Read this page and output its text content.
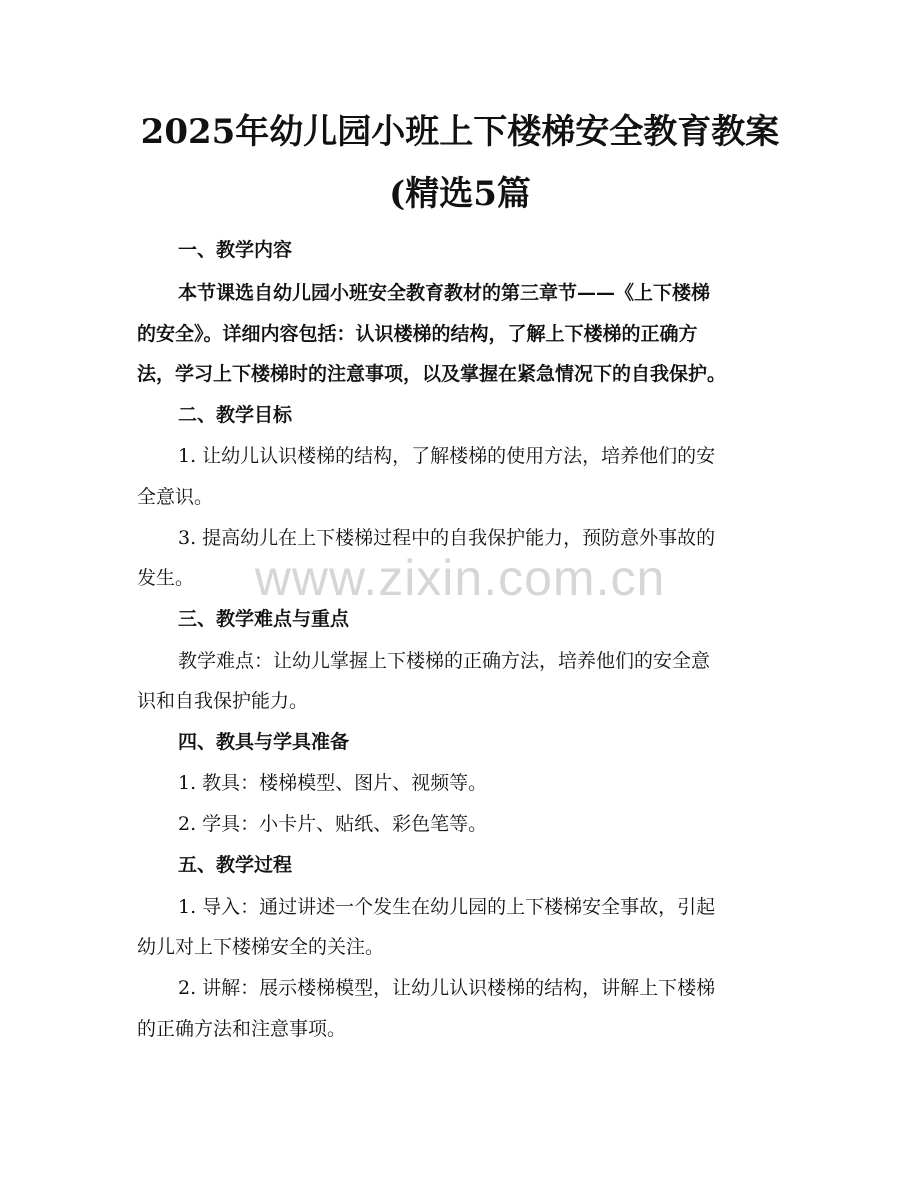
2025年幼儿园小班上下楼梯安全教育教案
(精选5篇
一、教学内容
本节课选自幼儿园小班安全教育教材的第三章节——《上下楼梯
的安全》。详细内容包括：认识楼梯的结构，了解上下楼梯的正确方
法，学习上下楼梯时的注意事项，以及掌握在紧急情况下的自我保护。
二、教学目标
1. 让幼儿认识楼梯的结构，了解楼梯的使用方法，培养他们的安
全意识。
3. 提高幼儿在上下楼梯过程中的自我保护能力，预防意外事故的
发生。
三、教学难点与重点
教学难点：让幼儿掌握上下楼梯的正确方法，培养他们的安全意
识和自我保护能力。
四、教具与学具准备
1. 教具：楼梯模型、图片、视频等。
2. 学具：小卡片、贴纸、彩色笔等。
五、教学过程
1. 导入：通过讲述一个发生在幼儿园的上下楼梯安全事故，引起
幼儿对上下楼梯安全的关注。
2. 讲解：展示楼梯模型，让幼儿认识楼梯的结构，讲解上下楼梯
的正确方法和注意事项。
www.zixin.com.cn
